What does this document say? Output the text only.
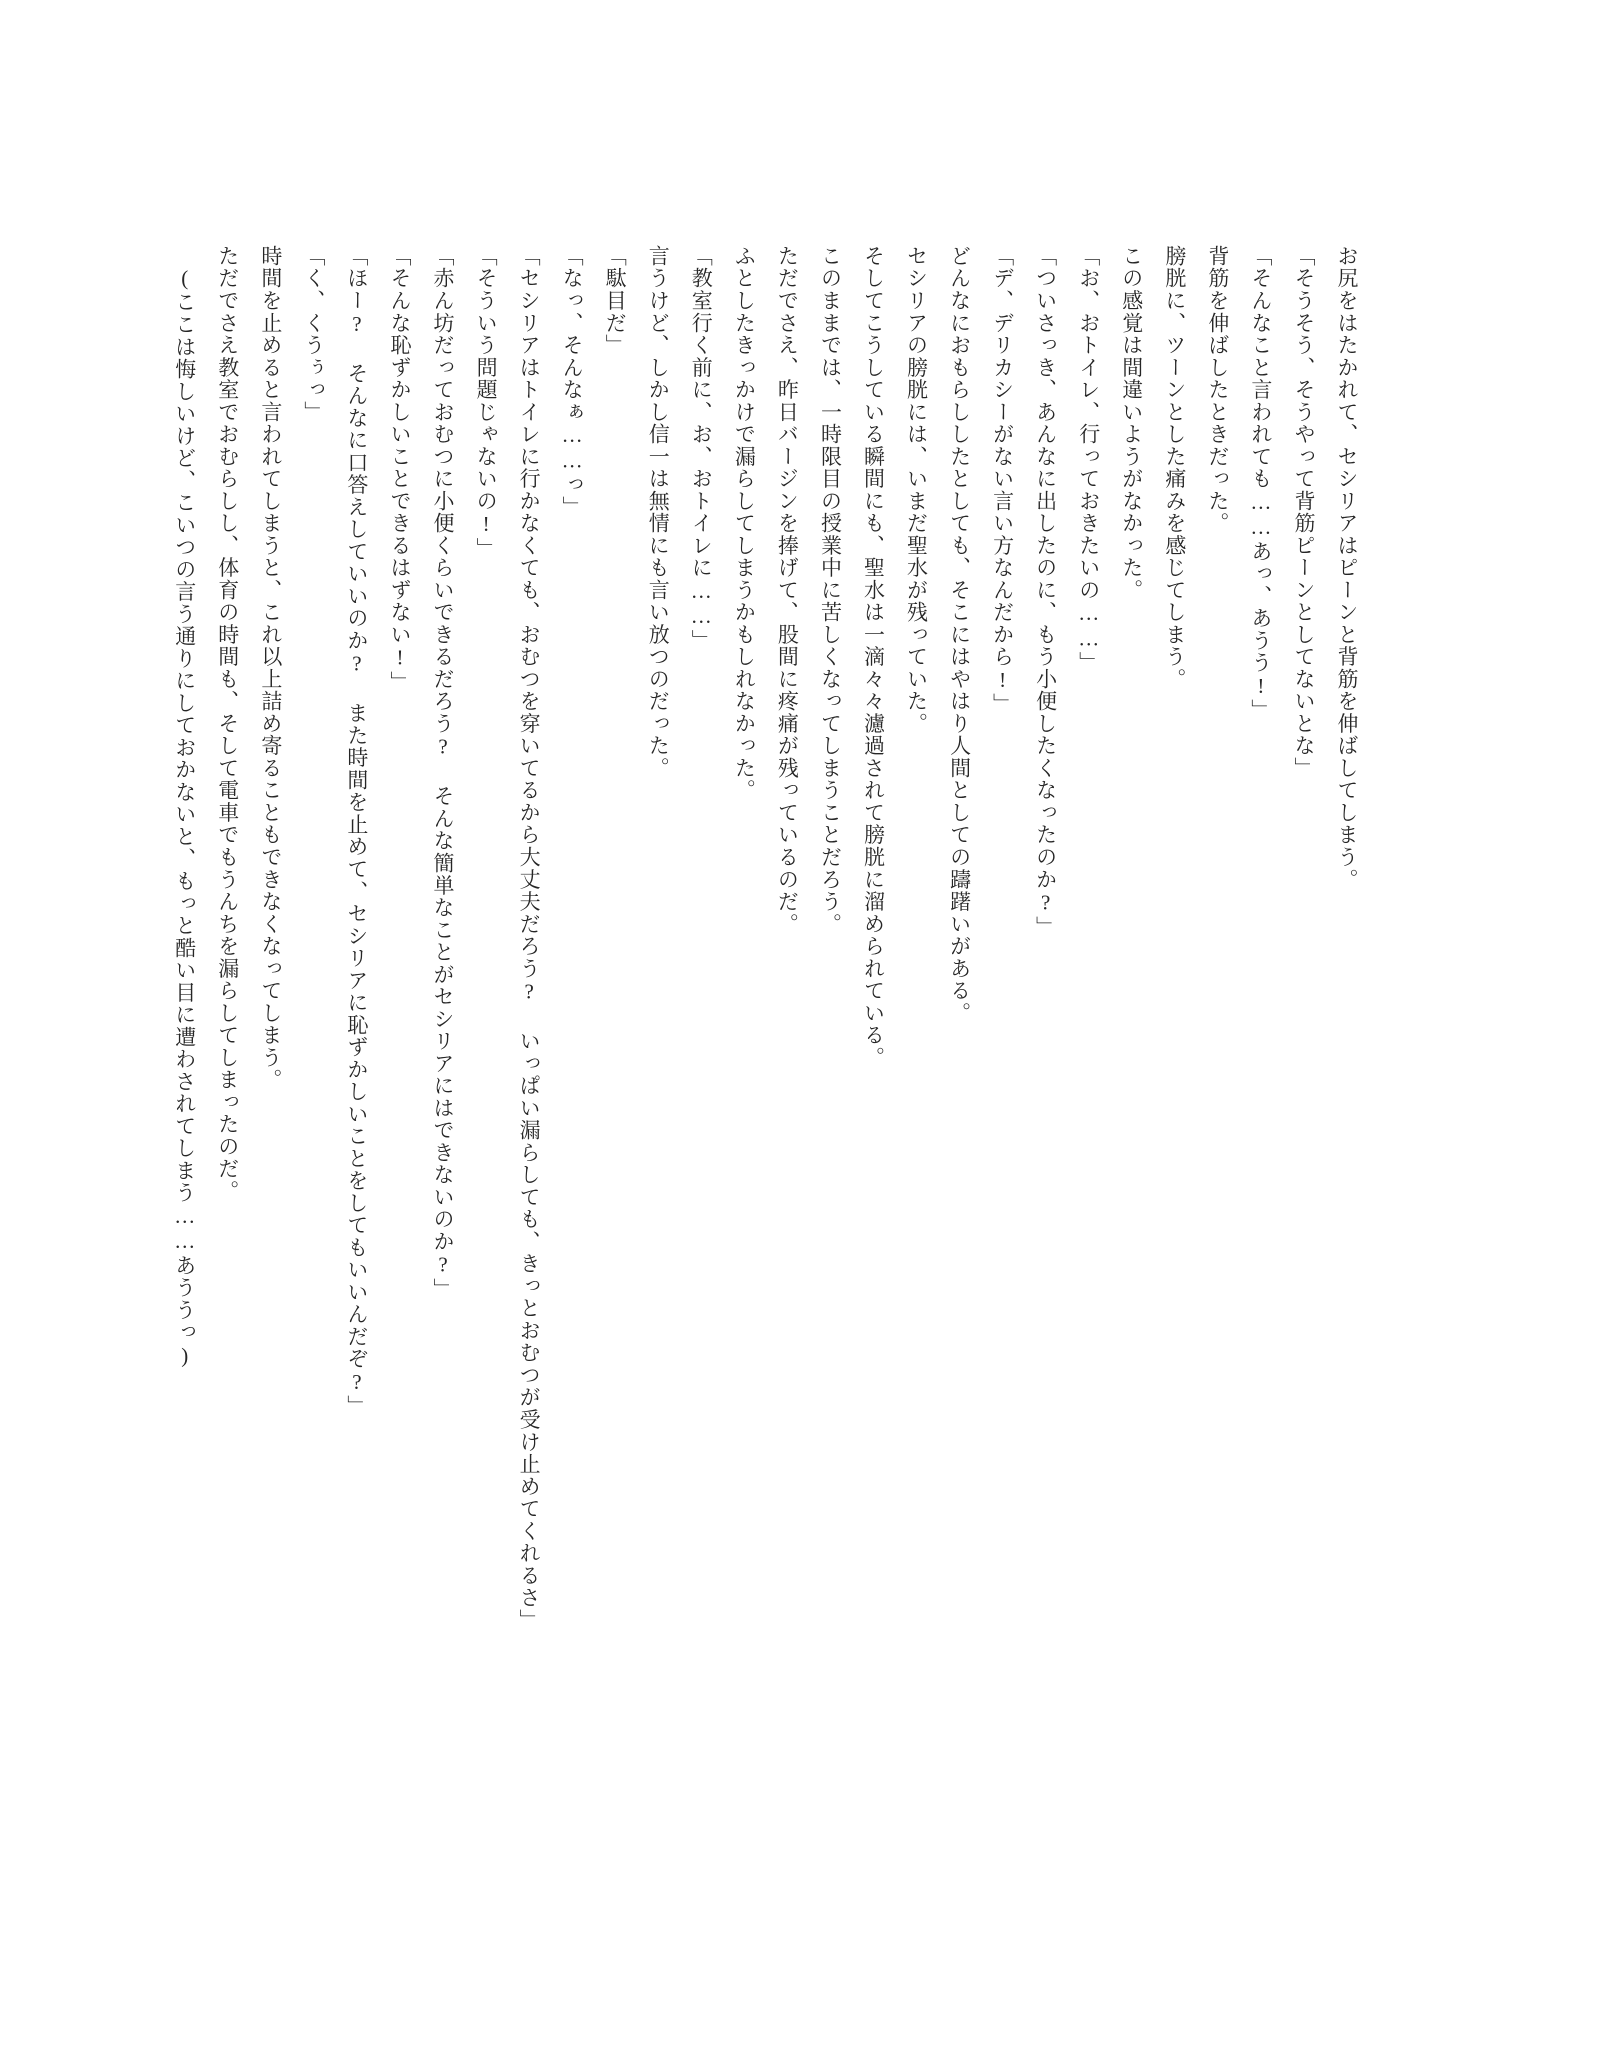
お尻をはたかれて、セシリアはピーンと背筋を伸ばしてしまう。

「そうそう、そうやって背筋ピーンとしてないとな」

「そんなこと言われても……あっ、あうう!」

背筋を伸ばしたときだった。

膀胱に、ツーンとした痛みを感じてしまう。

この感覚は間違いようがなかった。

「お、おトイレ、行っておきたいの……」

「ついさっき、あんなに出したのに、もう小便したくなったのか?」

「デ、デリカシーがない言い方なんだから!」

どんなにおもらししたとしても、そこにはやはり人間としての躊躇いがある。

セシリアの膀胱には、いまだ聖水が残っていた。

そしてこうしている瞬間にも、聖水は一滴々々濾過されて膀胱に溜められている。

このままでは、一時限目の授業中に苦しくなってしまうことだろう。

ただでさえ、昨日バージンを捧げて、股間に疼痛が残っているのだ。

ふとしたきっかけで漏らしてしまうかもしれなかった。

「教室行く前に、お、おトイレに……」

言うけど、しかし信一は無情にも言い放つのだった。

「駄目だ」

「なっ、そんなぁ……っ」

「セシリアはトイレに行かなくても、おむつを穿いてるから大丈夫だろう? いっぱい漏らしても、きっとおむつが受け止めてくれるさ」

「そういう問題じゃないの!」

「赤ん坊だっておむつに小便くらいできるだろう? そんな簡単なことがセシリアにはできないのか?」

「そんな恥ずかしいことできるはずない!」

「ほー? そんなに口答えしていいのか? また時間を止めて、セシリアに恥ずかしいことをしてもいいんだぞ?」

「く、くうぅっ」

時間を止めると言われてしまうと、これ以上詰め寄ることもできなくなってしまう。

ただでさえ教室でおむらしし、体育の時間も、そして電車でもうんちを漏らしてしまったのだ。

(ここは悔しいけど、こいつの言う通りにしておかないと、もっと酷い目に遭わされてしまう……あううっ)
